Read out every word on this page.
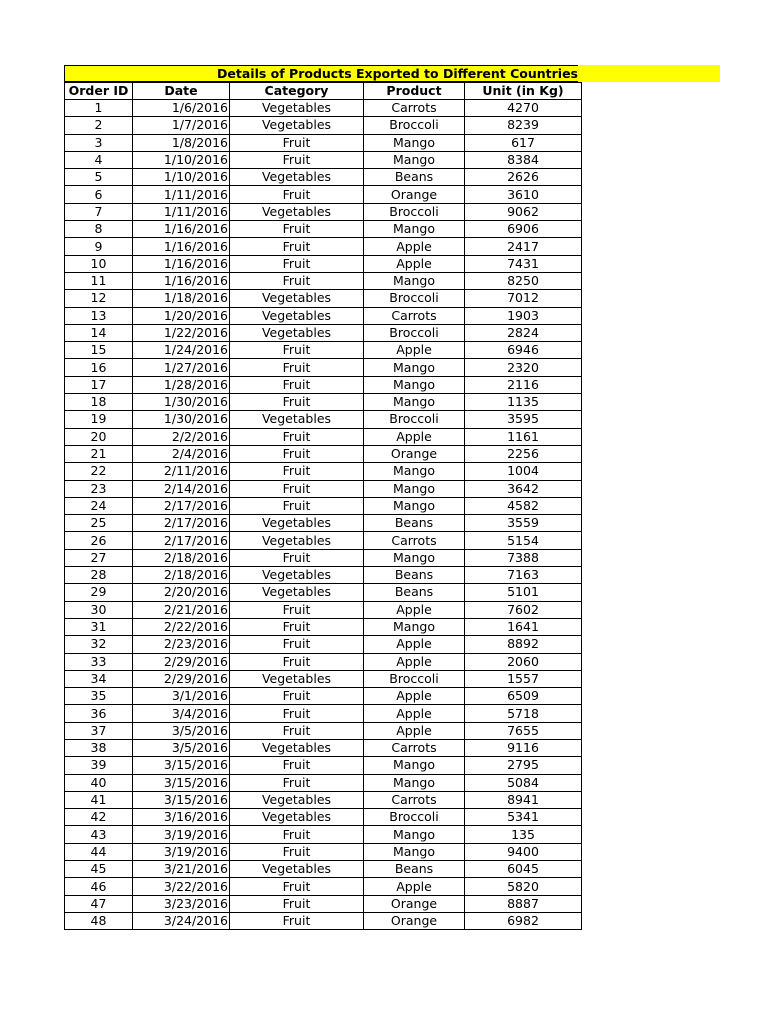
Details of Products Exported to Different Countries
Order ID	Date	Category	Product	Unit (in Kg)
1	1/6/2016	Vegetables	Carrots	4270
2	1/7/2016	Vegetables	Broccoli	8239
3	1/8/2016	Fruit	Mango	617
4	1/10/2016	Fruit	Mango	8384
5	1/10/2016	Vegetables	Beans	2626
6	1/11/2016	Fruit	Orange	3610
7	1/11/2016	Vegetables	Broccoli	9062
8	1/16/2016	Fruit	Mango	6906
9	1/16/2016	Fruit	Apple	2417
10	1/16/2016	Fruit	Apple	7431
11	1/16/2016	Fruit	Mango	8250
12	1/18/2016	Vegetables	Broccoli	7012
13	1/20/2016	Vegetables	Carrots	1903
14	1/22/2016	Vegetables	Broccoli	2824
15	1/24/2016	Fruit	Apple	6946
16	1/27/2016	Fruit	Mango	2320
17	1/28/2016	Fruit	Mango	2116
18	1/30/2016	Fruit	Mango	1135
19	1/30/2016	Vegetables	Broccoli	3595
20	2/2/2016	Fruit	Apple	1161
21	2/4/2016	Fruit	Orange	2256
22	2/11/2016	Fruit	Mango	1004
23	2/14/2016	Fruit	Mango	3642
24	2/17/2016	Fruit	Mango	4582
25	2/17/2016	Vegetables	Beans	3559
26	2/17/2016	Vegetables	Carrots	5154
27	2/18/2016	Fruit	Mango	7388
28	2/18/2016	Vegetables	Beans	7163
29	2/20/2016	Vegetables	Beans	5101
30	2/21/2016	Fruit	Apple	7602
31	2/22/2016	Fruit	Mango	1641
32	2/23/2016	Fruit	Apple	8892
33	2/29/2016	Fruit	Apple	2060
34	2/29/2016	Vegetables	Broccoli	1557
35	3/1/2016	Fruit	Apple	6509
36	3/4/2016	Fruit	Apple	5718
37	3/5/2016	Fruit	Apple	7655
38	3/5/2016	Vegetables	Carrots	9116
39	3/15/2016	Fruit	Mango	2795
40	3/15/2016	Fruit	Mango	5084
41	3/15/2016	Vegetables	Carrots	8941
42	3/16/2016	Vegetables	Broccoli	5341
43	3/19/2016	Fruit	Mango	135
44	3/19/2016	Fruit	Mango	9400
45	3/21/2016	Vegetables	Beans	6045
46	3/22/2016	Fruit	Apple	5820
47	3/23/2016	Fruit	Orange	8887
48	3/24/2016	Fruit	Orange	6982
